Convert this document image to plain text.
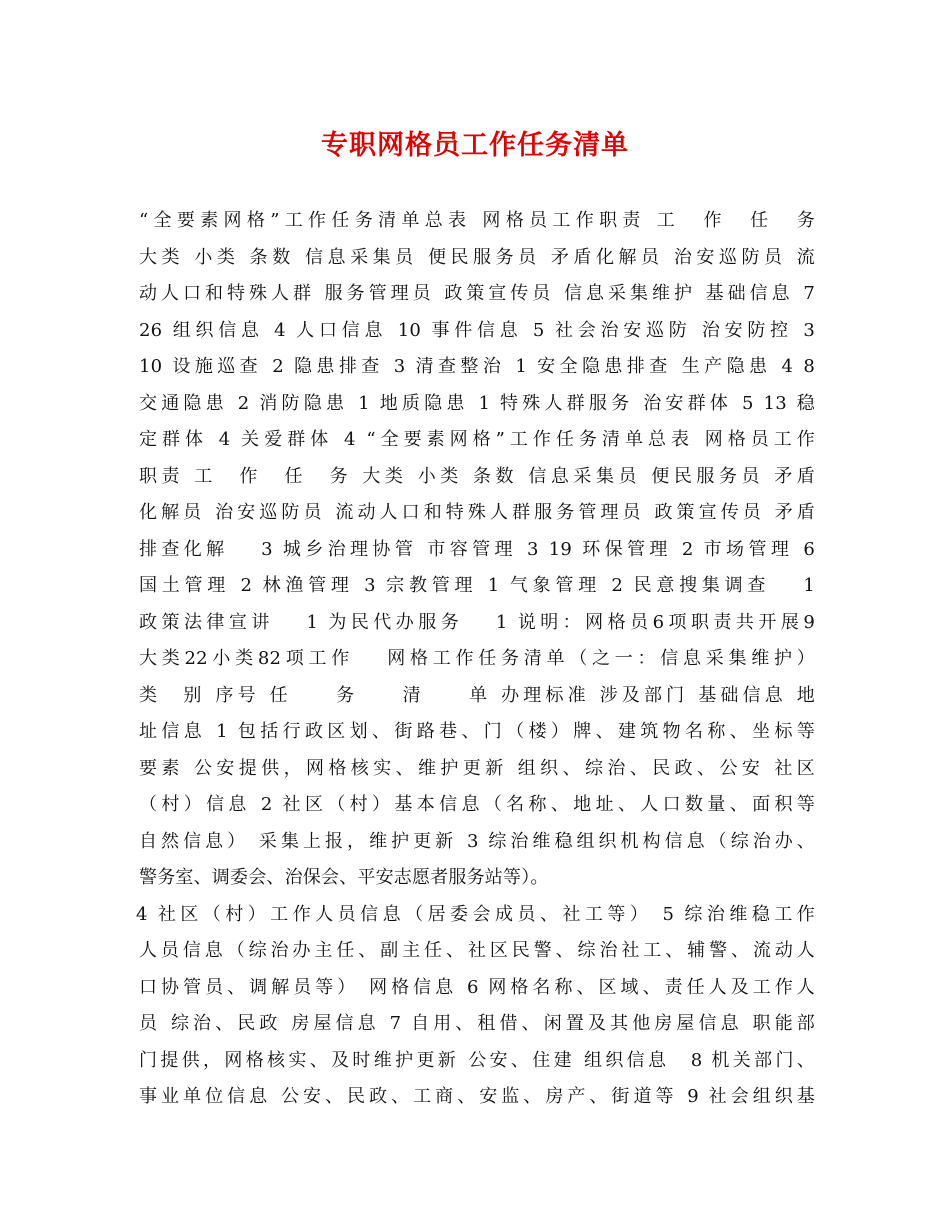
专职网格员工作任务清单
“全要素网格”工作任务清单总表 网格员工作职责 工　作　任　务
大类 小类 条数 信息采集员 便民服务员 矛盾化解员 治安巡防员 流
动人口和特殊人群 服务管理员 政策宣传员 信息采集维护 基础信息 7
26 组织信息 4 人口信息 10 事件信息 5 社会治安巡防 治安防控 3
10 设施巡查 2 隐患排查 3 清查整治 1 安全隐患排查 生产隐患 4 8
交通隐患 2 消防隐患 1 地质隐患 1 特殊人群服务 治安群体 5 13 稳
定群体 4 关爱群体 4 “全要素网格”工作任务清单总表 网格员工作
职责 工　作　任　务 大类 小类 条数 信息采集员 便民服务员 矛盾
化解员 治安巡防员 流动人口和特殊人群服务管理员 政策宣传员 矛盾
排查化解　 3 城乡治理协管 市容管理 3 19 环保管理 2 市场管理 6
国土管理 2 林渔管理 3 宗教管理 1 气象管理 2 民意搜集调查　 1
政策法律宣讲　 1 为民代办服务　 1 说明：网格员6项职责共开展9
大类22小类82项工作　 网格工作任务清单（之一：信息采集维护）
类　别 序号 任　　务　　清　　单 办理标准 涉及部门 基础信息 地
址信息 1 包括行政区划、街路巷、门（楼）牌、建筑物名称、坐标等
要素 公安提供，网格核实、维护更新 组织、综治、民政、公安 社区
（村）信息 2 社区（村）基本信息（名称、地址、人口数量、面积等
自然信息） 采集上报，维护更新 3 综治维稳组织机构信息（综治办、
警务室、调委会、治保会、平安志愿者服务站等）。
4 社区（村）工作人员信息（居委会成员、社工等） 5 综治维稳工作
人员信息（综治办主任、副主任、社区民警、综治社工、辅警、流动人
口协管员、调解员等） 网格信息 6 网格名称、区域、责任人及工作人
员 综治、民政 房屋信息 7 自用、租借、闲置及其他房屋信息 职能部
门提供，网格核实、及时维护更新 公安、住建 组织信息　8 机关部门、
事业单位信息 公安、民政、工商、安监、房产、街道等 9 社会组织基
